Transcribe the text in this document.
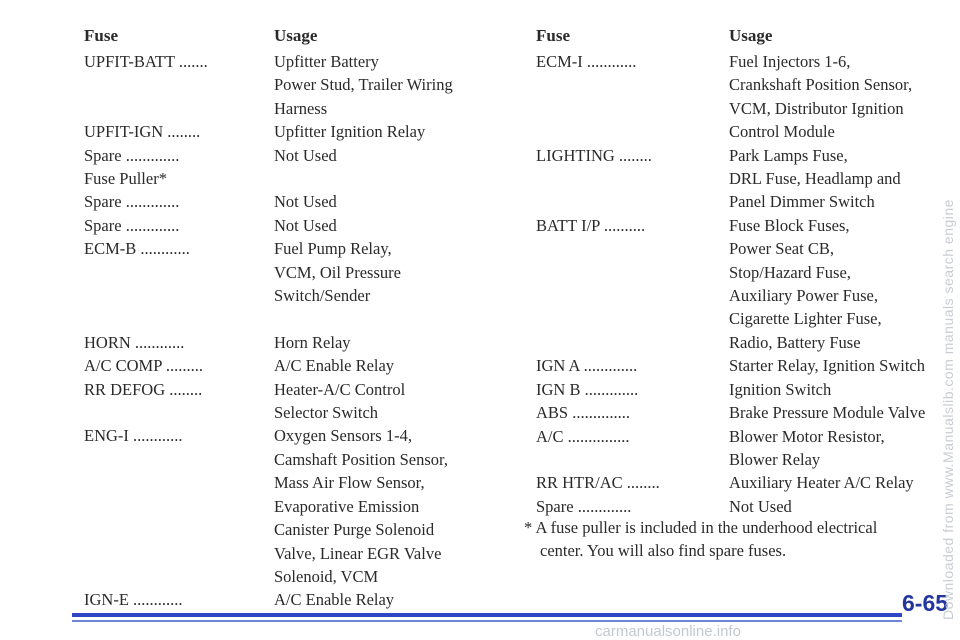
Fuse	Usage
UPFIT-BATT .......	Upfitter Battery
Power Stud, Trailer Wiring
Harness
UPFIT-IGN ........	Upfitter Ignition Relay
Spare .............	Not Used
Fuse Puller*

Spare .............	Not Used
Spare .............	Not Used
ECM-B ............	Fuel Pump Relay,
VCM, Oil Pressure
Switch/Sender
HORN ............	Horn Relay
A/C COMP .........	A/C Enable Relay
RR DEFOG ........	Heater-A/C Control
Selector Switch
ENG-I ............	Oxygen Sensors 1-4,
Camshaft Position Sensor,
Mass Air Flow Sensor,
Evaporative Emission
Canister Purge Solenoid
Valve, Linear EGR Valve
Solenoid, VCM
IGN-E ............	A/C Enable Relay
Fuse	Usage
ECM-I ............	Fuel Injectors 1-6,
Crankshaft Position Sensor,
VCM, Distributor Ignition
Control Module
LIGHTING ........	Park Lamps Fuse,
DRL Fuse, Headlamp and
Panel Dimmer Switch
BATT I/P ..........	Fuse Block Fuses,
Power Seat CB,
Stop/Hazard Fuse,
Auxiliary Power Fuse,
Cigarette Lighter Fuse,
Radio, Battery Fuse
IGN A .............	Starter Relay, Ignition Switch
IGN B .............	Ignition Switch
ABS ..............	Brake Pressure Module Valve
A/C ...............	Blower Motor Resistor,
Blower Relay
RR HTR/AC ........	Auxiliary Heater A/C Relay
Spare .............	Not Used
* A fuse puller is included in the underhood electrical
center. You will also find spare fuses.
6-65
Downloaded from www.Manualslib.com manuals search engine
carmanualsonline.info
